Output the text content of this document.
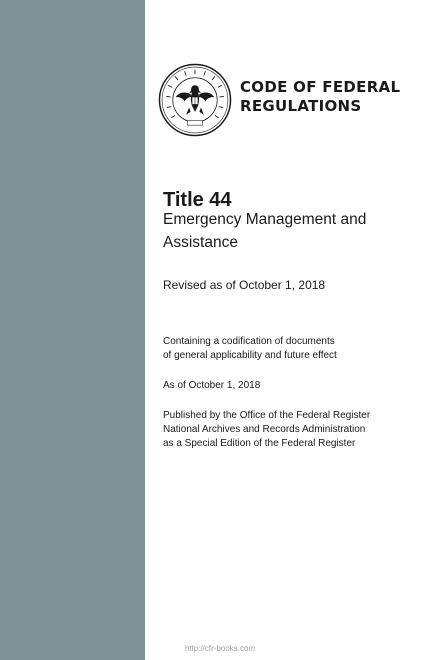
CODE OF FEDERAL
REGULATIONS
Title 44
Emergency Management and Assistance
Revised as of October 1, 2018
Containing a codification of documents
of general applicability and future effect
As of October 1, 2018
Published by the Office of the Federal Register
National Archives and Records Administration
as a Special Edition of the Federal Register
http://cfr-books.com
